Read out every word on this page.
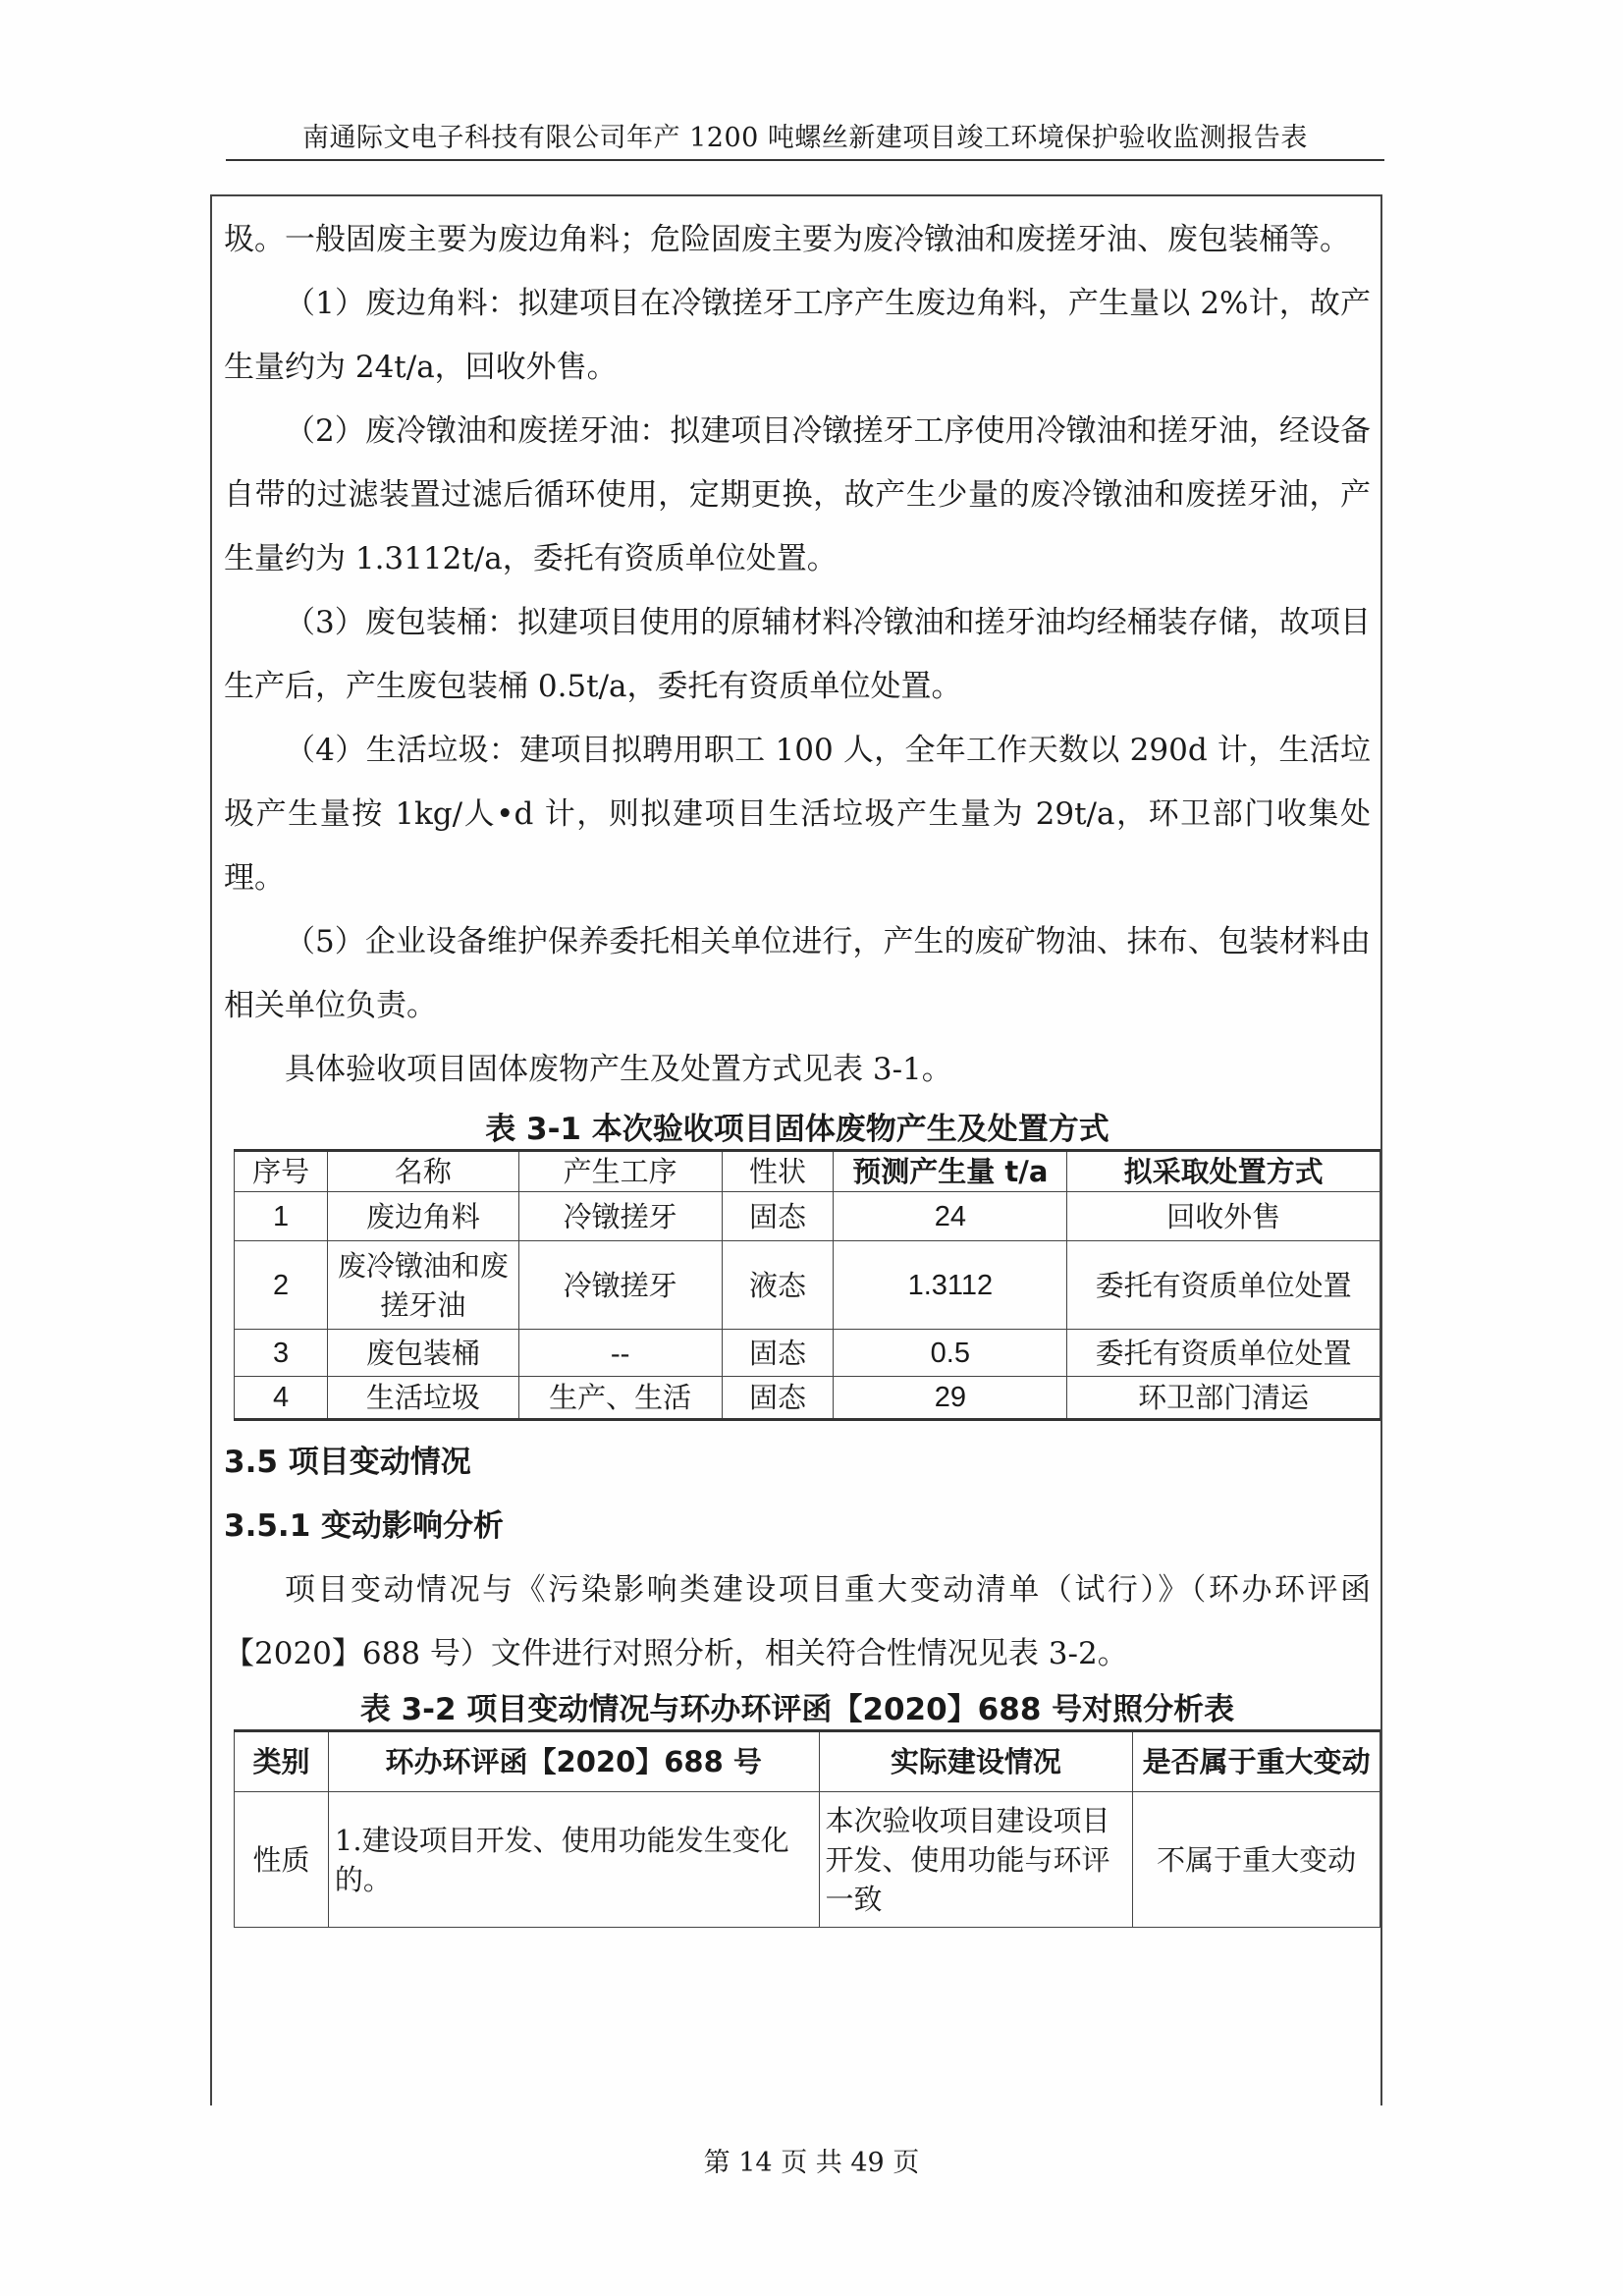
南通际文电子科技有限公司年产 1200 吨螺丝新建项目竣工环境保护验收监测报告表

圾。一般固废主要为废边角料；危险固废主要为废冷镦油和废搓牙油、废包装桶等。

（1）废边角料：拟建项目在冷镦搓牙工序产生废边角料，产生量以 2%计，故产生量约为 24t/a，回收外售。

（2）废冷镦油和废搓牙油：拟建项目冷镦搓牙工序使用冷镦油和搓牙油，经设备自带的过滤装置过滤后循环使用，定期更换，故产生少量的废冷镦油和废搓牙油，产生量约为 1.3112t/a，委托有资质单位处置。

（3）废包装桶：拟建项目使用的原辅材料冷镦油和搓牙油均经桶装存储，故项目生产后，产生废包装桶 0.5t/a，委托有资质单位处置。

（4）生活垃圾：建项目拟聘用职工 100 人，全年工作天数以 290d 计，生活垃圾产生量按 1kg/人•d 计，则拟建项目生活垃圾产生量为 29t/a，环卫部门收集处理。

（5）企业设备维护保养委托相关单位进行，产生的废矿物油、抹布、包装材料由相关单位负责。

具体验收项目固体废物产生及处置方式见表 3-1。

表 3-1 本次验收项目固体废物产生及处置方式
序号	名称	产生工序	性状	预测产生量 t/a	拟采取处置方式
1	废边角料	冷镦搓牙	固态	24	回收外售
2	废冷镦油和废搓牙油	冷镦搓牙	液态	1.3112	委托有资质单位处置
3	废包装桶	--	固态	0.5	委托有资质单位处置
4	生活垃圾	生产、生活	固态	29	环卫部门清运

3.5 项目变动情况

3.5.1 变动影响分析

项目变动情况与《污染影响类建设项目重大变动清单（试行）》（环办环评函【2020】688 号）文件进行对照分析，相关符合性情况见表 3-2。

表 3-2 项目变动情况与环办环评函【2020】688 号对照分析表
类别	环办环评函【2020】688 号	实际建设情况	是否属于重大变动
性质	1.建设项目开发、使用功能发生变化的。	本次验收项目建设项目开发、使用功能与环评一致	不属于重大变动
第 14 页 共 49 页
